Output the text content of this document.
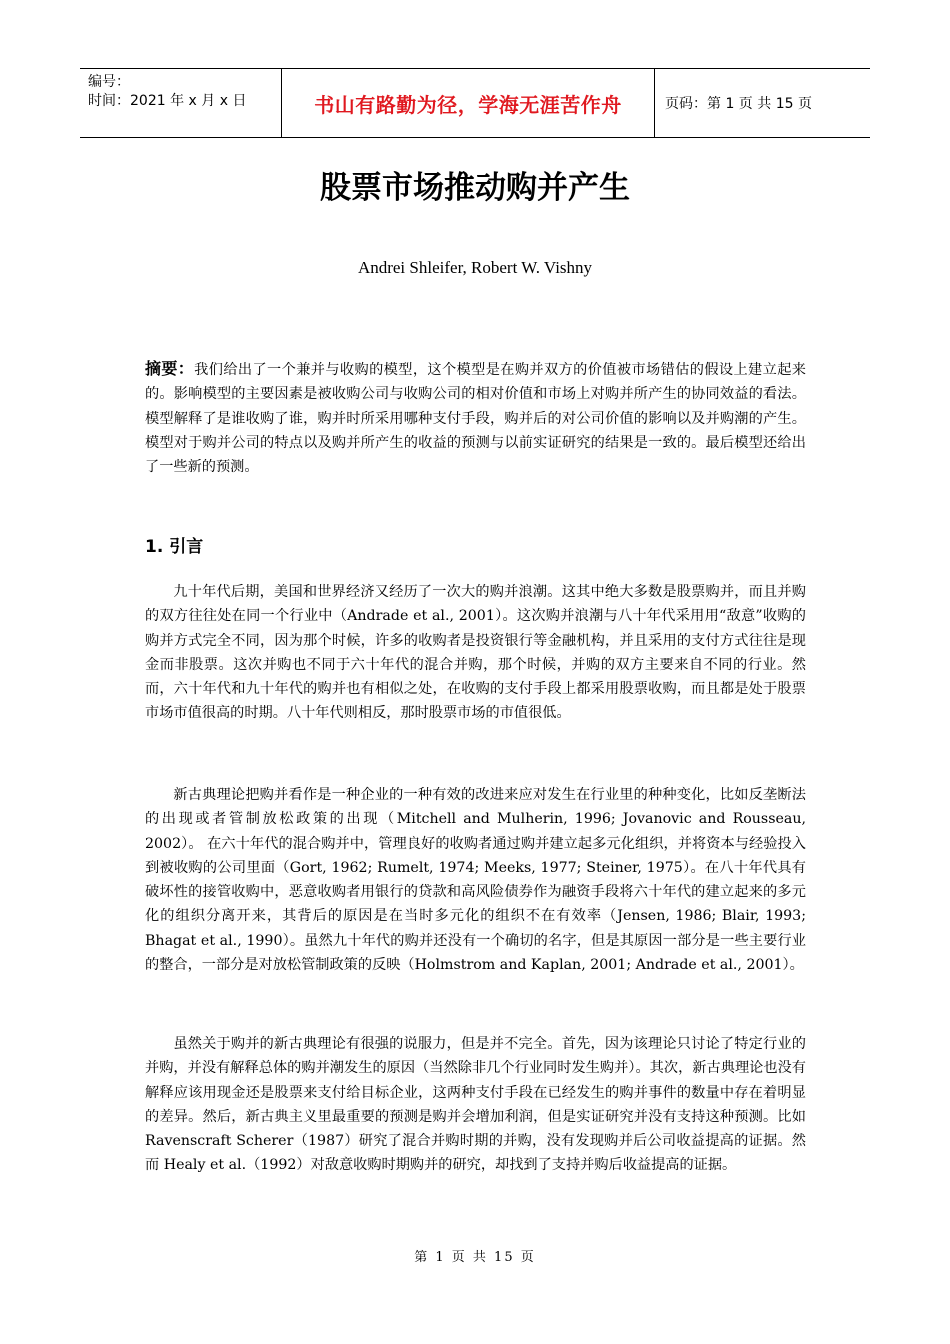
编号：
时间：2021 年 x 月 x 日	书山有路勤为径，学海无涯苦作舟	页码：第 1 页 共 15 页
股票市场推动购并产生
Andrei Shleifer, Robert W. Vishny
摘要：我们给出了一个兼并与收购的模型，这个模型是在购并双方的价值被市场错估的假设上建立起来的。影响模型的主要因素是被收购公司与收购公司的相对价值和市场上对购并所产生的协同效益的看法。模型解释了是谁收购了谁，购并时所采用哪种支付手段，购并后的对公司价值的影响以及并购潮的产生。模型对于购并公司的特点以及购并所产生的收益的预测与以前实证研究的结果是一致的。最后模型还给出了一些新的预测。
1. 引言
九十年代后期，美国和世界经济又经历了一次大的购并浪潮。这其中绝大多数是股票购并，而且并购的双方往往处在同一个行业中（Andrade et al., 2001）。这次购并浪潮与八十年代采用用“敌意”收购的购并方式完全不同，因为那个时候，许多的收购者是投资银行等金融机构，并且采用的支付方式往往是现金而非股票。这次并购也不同于六十年代的混合并购，那个时候，并购的双方主要来自不同的行业。然而，六十年代和九十年代的购并也有相似之处，在收购的支付手段上都采用股票收购，而且都是处于股票市场市值很高的时期。八十年代则相反，那时股票市场的市值很低。
新古典理论把购并看作是一种企业的一种有效的改进来应对发生在行业里的种种变化，比如反垄断法的出现或者管制放松政策的出现（Mitchell and Mulherin, 1996; Jovanovic and Rousseau, 2002）。 在六十年代的混合购并中，管理良好的收购者通过购并建立起多元化组织，并将资本与经验投入到被收购的公司里面（Gort, 1962; Rumelt, 1974; Meeks, 1977; Steiner, 1975）。在八十年代具有破坏性的接管收购中，恶意收购者用银行的贷款和高风险债券作为融资手段将六十年代的建立起来的多元化的组织分离开来，其背后的原因是在当时多元化的组织不在有效率（Jensen, 1986; Blair, 1993; Bhagat et al., 1990）。虽然九十年代的购并还没有一个确切的名字，但是其原因一部分是一些主要行业的整合，一部分是对放松管制政策的反映（Holmstrom and Kaplan, 2001; Andrade et al., 2001）。
虽然关于购并的新古典理论有很强的说服力，但是并不完全。首先，因为该理论只讨论了特定行业的并购，并没有解释总体的购并潮发生的原因（当然除非几个行业同时发生购并）。其次，新古典理论也没有解释应该用现金还是股票来支付给目标企业，这两种支付手段在已经发生的购并事件的数量中存在着明显的差异。然后，新古典主义里最重要的预测是购并会增加利润，但是实证研究并没有支持这种预测。比如 Ravenscraft Scherer（1987）研究了混合并购时期的并购，没有发现购并后公司收益提高的证据。然而 Healy et al.（1992）对敌意收购时期购并的研究，却找到了支持并购后收益提高的证据。
第 1 页 共 15 页
